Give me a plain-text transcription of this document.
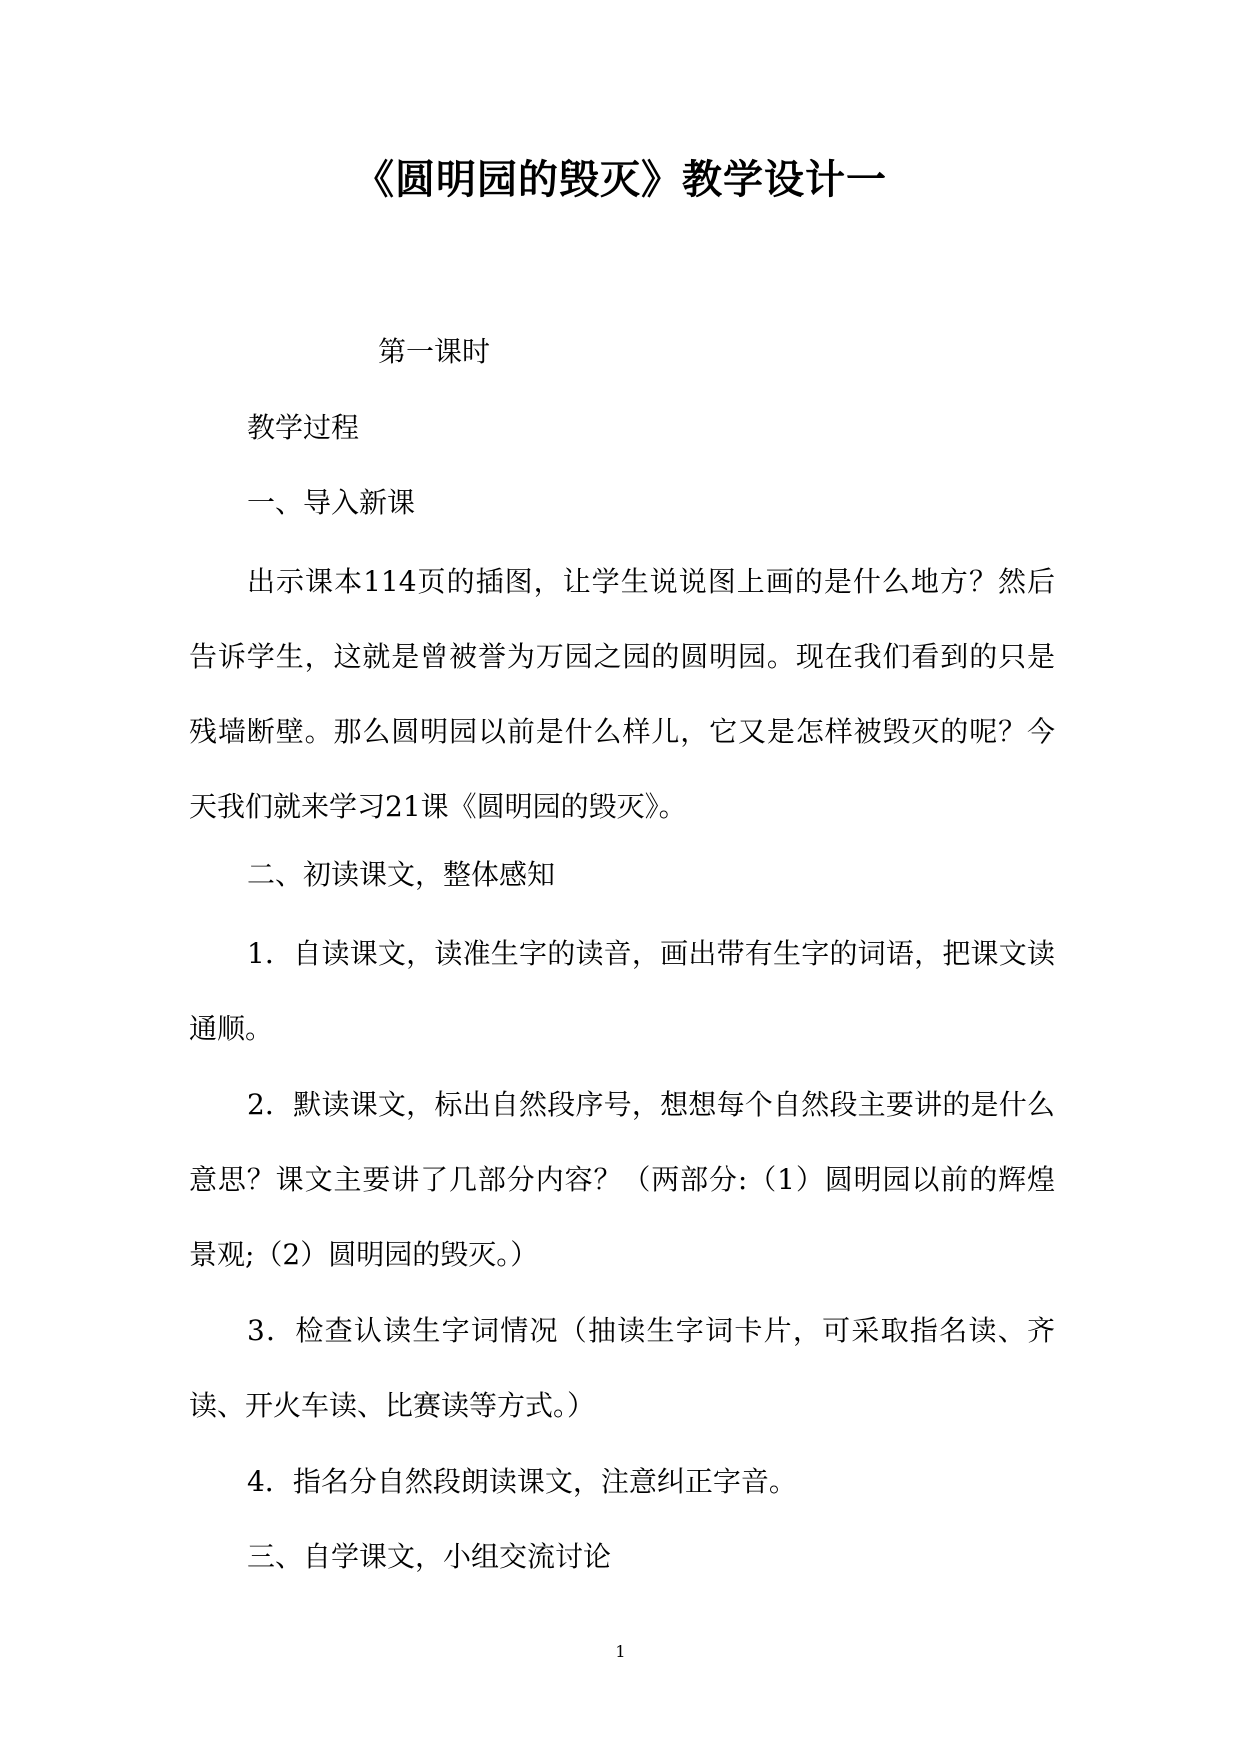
《圆明园的毁灭》教学设计一
第一课时
教学过程
一、导入新课
出示课本114页的插图，让学生说说图上画的是什么地方？然后告诉学生，这就是曾被誉为万园之园的圆明园。现在我们看到的只是残墙断壁。那么圆明园以前是什么样儿，它又是怎样被毁灭的呢？今天我们就来学习21课《圆明园的毁灭》。
二、初读课文，整体感知
1．自读课文，读准生字的读音，画出带有生字的词语，把课文读通顺。
2．默读课文，标出自然段序号，想想每个自然段主要讲的是什么意思？课文主要讲了几部分内容？（两部分:（1）圆明园以前的辉煌景观;（2）圆明园的毁灭。）
3．检查认读生字词情况（抽读生字词卡片，可采取指名读、齐读、开火车读、比赛读等方式。）
4．指名分自然段朗读课文，注意纠正字音。
三、自学课文，小组交流讨论
1
